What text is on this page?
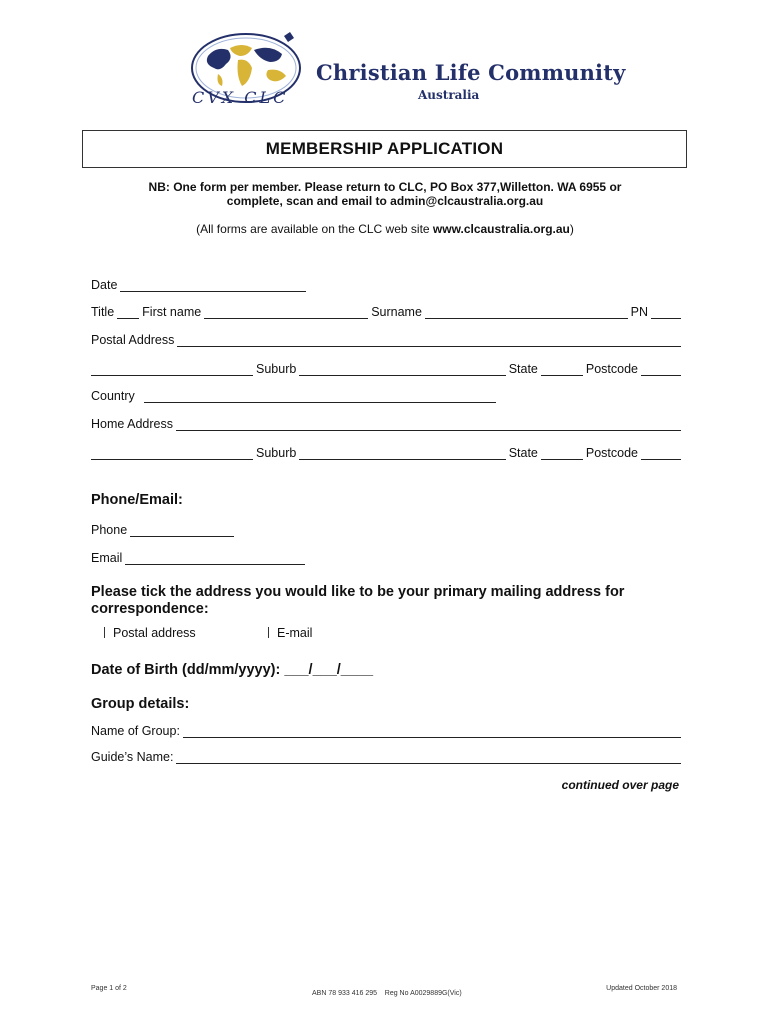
CVX CLC
Christian Life Community
Australia
MEMBERSHIP APPLICATION
NB: One form per member. Please return to CLC, PO Box 377,Willetton. WA 6955 or
complete, scan and email to admin@clcaustralia.org.au
(All forms are available on the CLC web site www.clcaustralia.org.au)
Date
Title First name	Surname	PN
Postal Address
Suburb	State	Postcode
Country
Home Address
Suburb	State	Postcode
Phone/Email:
Phone
Email
Please tick the address you would like to be your primary mailing address for
correspondence:
Postal address	E-mail
Date of Birth (dd/mm/yyyy): ___/___/____
Group details:
Name of Group:
Guide’s Name:
continued over page
Page 1 of 2
ABN 78 933 416 295    Reg No A0029889G(Vic)
Updated October 2018
